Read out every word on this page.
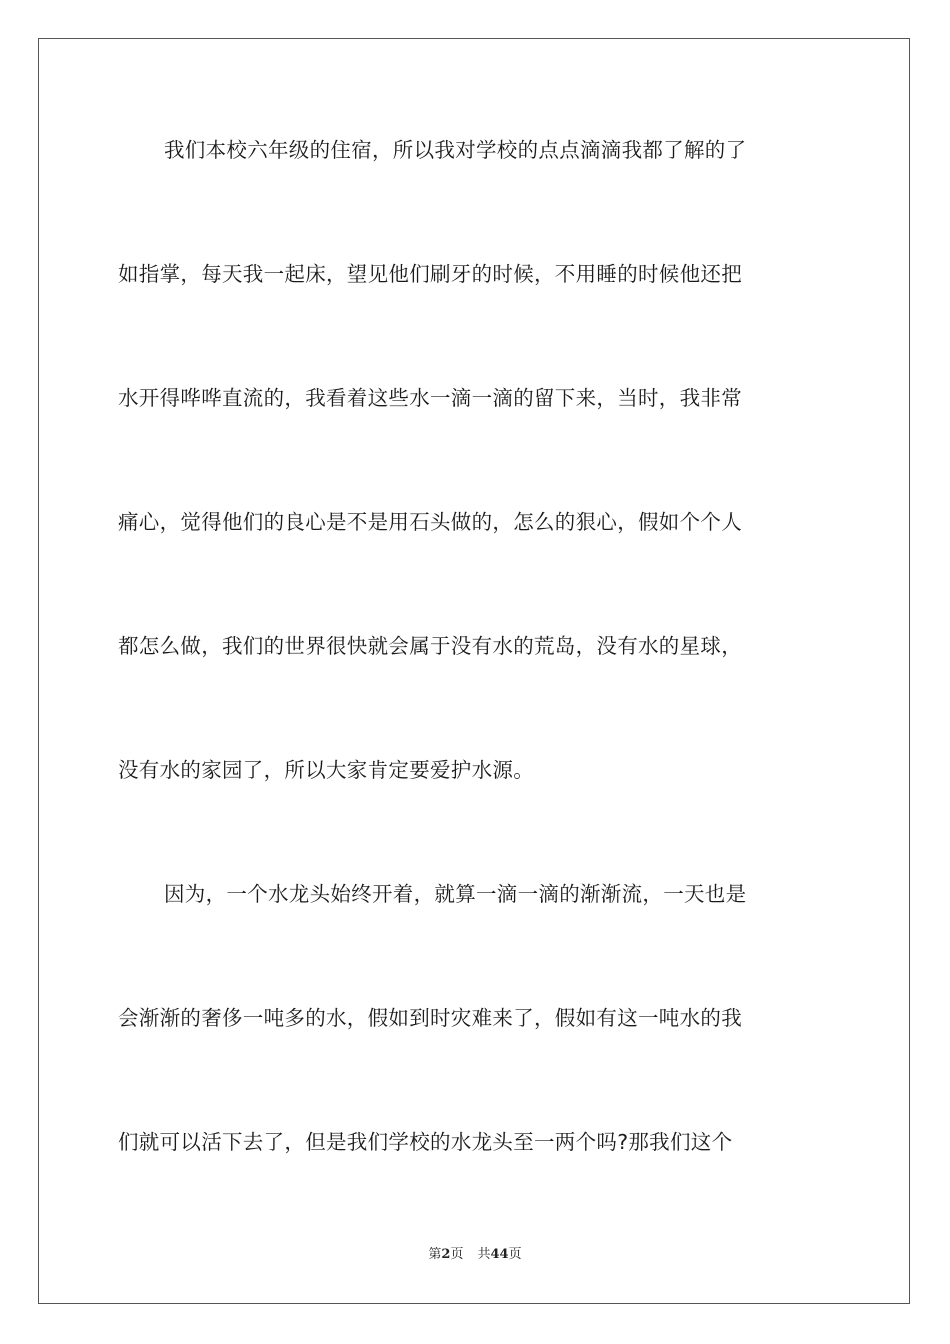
我们本校六年级的住宿，所以我对学校的点点滴滴我都了解的了
如指掌，每天我一起床，望见他们刷牙的时候，不用睡的时候他还把
水开得哗哗直流的，我看着这些水一滴一滴的留下来，当时，我非常
痛心，觉得他们的良心是不是用石头做的，怎么的狠心，假如个个人
都怎么做，我们的世界很快就会属于没有水的荒岛，没有水的星球，
没有水的家园了，所以大家肯定要爱护水源。
因为，一个水龙头始终开着，就算一滴一滴的渐渐流，一天也是
会渐渐的奢侈一吨多的水，假如到时灾难来了，假如有这一吨水的我
们就可以活下去了，但是我们学校的水龙头至一两个吗?那我们这个
第2页 共44页
